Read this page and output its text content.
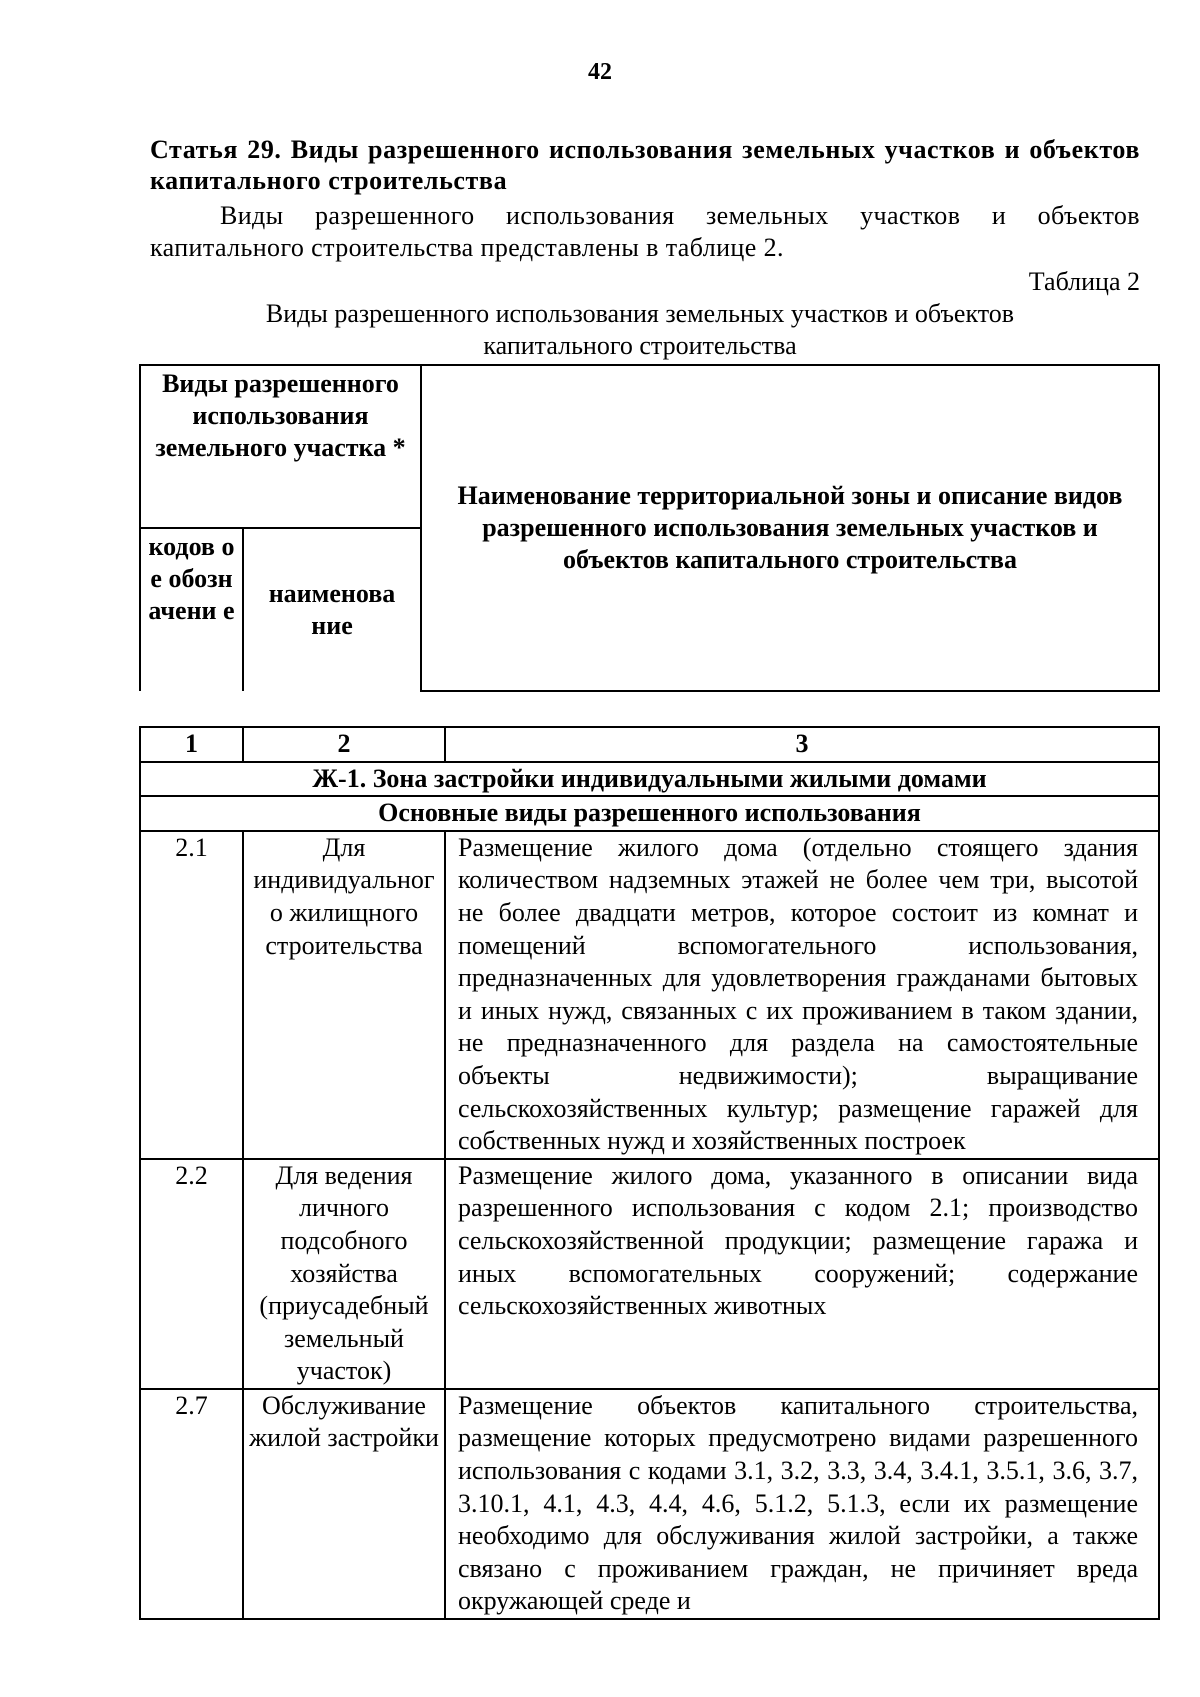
42
Статья 29. Виды разрешенного использования земельных участков и объектов капитального строительства
Виды разрешенного использования земельных участков и объектов капитального строительства представлены в таблице 2.
Таблица 2
Виды разрешенного использования земельных участков и объектов капитального строительства
Виды разрешенного использования земельного участка *		Наименование территориальной зоны и описание видов разрешенного использования земельных участков и объектов капитального строительства
кодов ое обозн ачени е	наименова ние	
1	2	3
Ж-1. Зона застройки индивидуальными жилыми домами		
Основные виды разрешенного использования		
2.1	Для индивидуальног о жилищного строительства	Размещение жилого дома (отдельно стоящего здания количеством надземных этажей не более чем три, высотой не более двадцати метров, которое состоит из комнат и помещений вспомогательного использования, предназначенных для удовлетворения гражданами бытовых и иных нужд, связанных с их проживанием в таком здании, не предназначенного для раздела на самостоятельные объекты недвижимости); выращивание сельскохозяйственных культур; размещение гаражей для собственных нужд и хозяйственных построек
2.2	Для ведения личного подсобного хозяйства (приусадебный земельный участок)	Размещение жилого дома, указанного в описании вида разрешенного использования с кодом 2.1; производство сельскохозяйственной продукции; размещение гаража и иных вспомогательных сооружений; содержание сельскохозяйственных животных
2.7	Обслуживание жилой застройки	Размещение объектов капитального строительства, размещение которых предусмотрено видами разрешенного использования с кодами 3.1, 3.2, 3.3, 3.4, 3.4.1, 3.5.1, 3.6, 3.7, 3.10.1, 4.1, 4.3, 4.4, 4.6, 5.1.2, 5.1.3, если их размещение необходимо для обслуживания жилой застройки, а также связано с проживанием граждан, не причиняет вреда окружающей среде и
